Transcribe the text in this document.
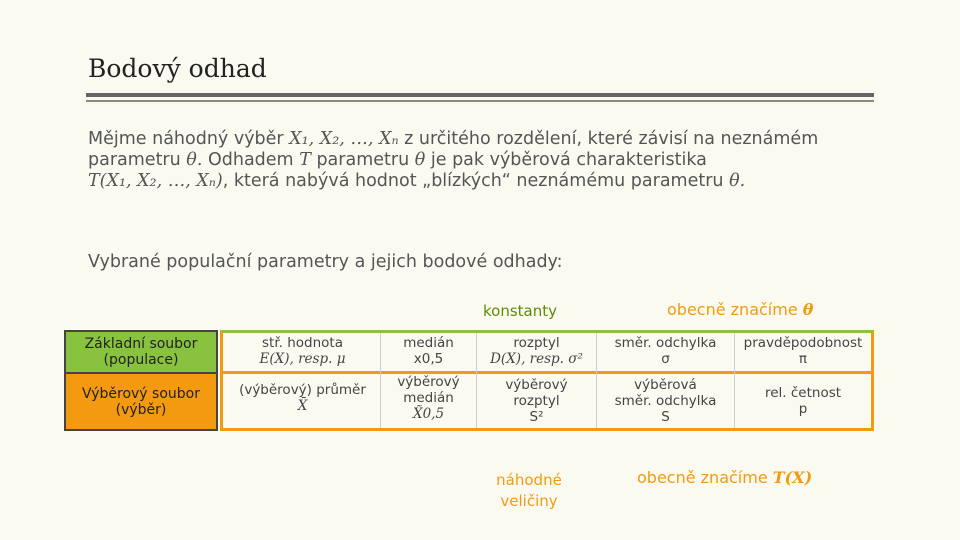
Bodový odhad
Mějme náhodný výběr X₁, X₂, …, Xₙ z určitého rozdělení, které závisí na neznámém
parametru θ. Odhadem T parametru θ je pak výběrová charakteristika
T(X₁, X₂, …, Xₙ), která nabývá hodnot „blízkých“ neznámému parametru θ.
Vybrané populační parametry a jejich bodové odhady:
konstanty	obecně značíme θ
Základní soubor
(populace)
Výběrový soubor
(výběr)
stř. hodnota
E(X), resp. μ
medián
x0,5
rozptyl
D(X), resp. σ²
směr. odchylka
σ
pravděpodobnost
π
(výběrový) průměr
X̄
výběrový
medián
X̃0,5
výběrový
rozptyl
S²
výběrová
směr. odchylka
S
rel. četnost
p
náhodné
veličiny
obecně značíme T(X)
